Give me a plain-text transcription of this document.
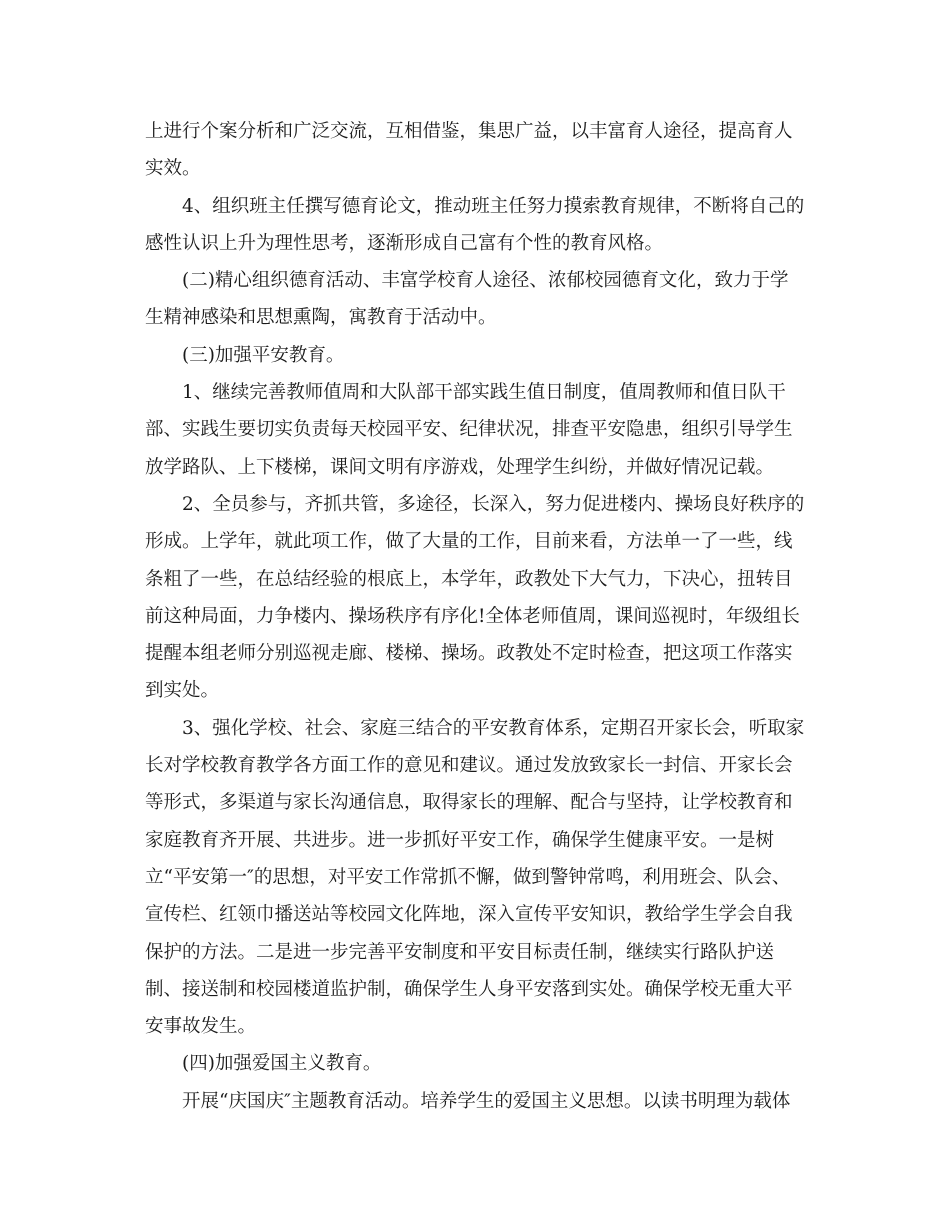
上进行个案分析和广泛交流，互相借鉴，集思广益，以丰富育人途径，提高育人
实效。
4、组织班主任撰写德育论文，推动班主任努力摸索教育规律，不断将自己的
感性认识上升为理性思考，逐渐形成自己富有个性的教育风格。
(二)精心组织德育活动、丰富学校育人途径、浓郁校园德育文化，致力于学
生精神感染和思想熏陶，寓教育于活动中。
(三)加强平安教育。
1、继续完善教师值周和大队部干部实践生值日制度，值周教师和值日队干
部、实践生要切实负责每天校园平安、纪律状况，排查平安隐患，组织引导学生
放学路队、上下楼梯，课间文明有序游戏，处理学生纠纷，并做好情况记载。
2、全员参与，齐抓共管，多途径，长深入，努力促进楼内、操场良好秩序的
形成。上学年，就此项工作，做了大量的工作，目前来看，方法单一了一些，线
条粗了一些，在总结经验的根底上，本学年，政教处下大气力，下决心，扭转目
前这种局面，力争楼内、操场秩序有序化!全体老师值周，课间巡视时，年级组长
提醒本组老师分别巡视走廊、楼梯、操场。政教处不定时检查，把这项工作落实
到实处。
3、强化学校、社会、家庭三结合的平安教育体系，定期召开家长会，听取家
长对学校教育教学各方面工作的意见和建议。通过发放致家长一封信、开家长会
等形式，多渠道与家长沟通信息，取得家长的理解、配合与坚持，让学校教育和
家庭教育齐开展、共进步。进一步抓好平安工作，确保学生健康平安。一是树
立“平安第一″的思想，对平安工作常抓不懈，做到警钟常鸣，利用班会、队会、
宣传栏、红领巾播送站等校园文化阵地，深入宣传平安知识，教给学生学会自我
保护的方法。二是进一步完善平安制度和平安目标责任制，继续实行路队护送
制、接送制和校园楼道监护制，确保学生人身平安落到实处。确保学校无重大平
安事故发生。
(四)加强爱国主义教育。
开展“庆国庆″主题教育活动。培养学生的爱国主义思想。以读书明理为载体
